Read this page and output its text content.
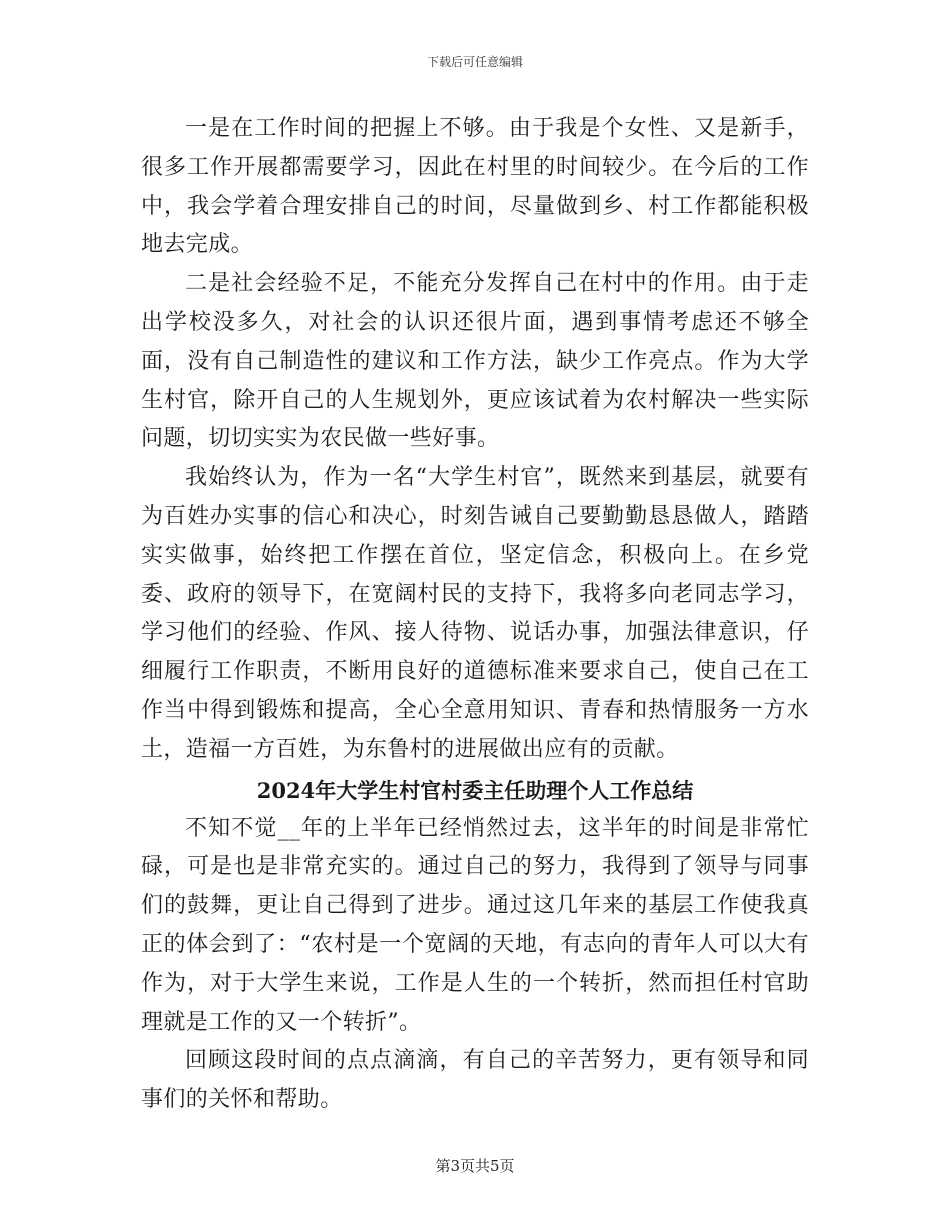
下载后可任意编辑

一是在工作时间的把握上不够。由于我是个女性、又是新手，很多工作开展都需要学习，因此在村里的时间较少。在今后的工作中，我会学着合理安排自己的时间，尽量做到乡、村工作都能积极地去完成。

二是社会经验不足，不能充分发挥自己在村中的作用。由于走出学校没多久，对社会的认识还很片面，遇到事情考虑还不够全面，没有自己制造性的建议和工作方法，缺少工作亮点。作为大学生村官，除开自己的人生规划外，更应该试着为农村解决一些实际问题，切切实实为农民做一些好事。

我始终认为，作为一名“大学生村官”，既然来到基层，就要有为百姓办实事的信心和决心，时刻告诫自己要勤勤恳恳做人，踏踏实实做事，始终把工作摆在首位，坚定信念，积极向上。在乡党委、政府的领导下，在宽阔村民的支持下，我将多向老同志学习，学习他们的经验、作风、接人待物、说话办事，加强法律意识，仔细履行工作职责，不断用良好的道德标准来要求自己，使自己在工作当中得到锻炼和提高，全心全意用知识、青春和热情服务一方水土，造福一方百姓，为东鲁村的进展做出应有的贡献。

2024年大学生村官村委主任助理个人工作总结

不知不觉__年的上半年已经悄然过去，这半年的时间是非常忙碌，可是也是非常充实的。通过自己的努力，我得到了领导与同事们的鼓舞，更让自己得到了进步。通过这几年来的基层工作使我真正的体会到了：“农村是一个宽阔的天地，有志向的青年人可以大有作为，对于大学生来说，工作是人生的一个转折，然而担任村官助理就是工作的又一个转折”。

回顾这段时间的点点滴滴，有自己的辛苦努力，更有领导和同事们的关怀和帮助。

第3页共5页
